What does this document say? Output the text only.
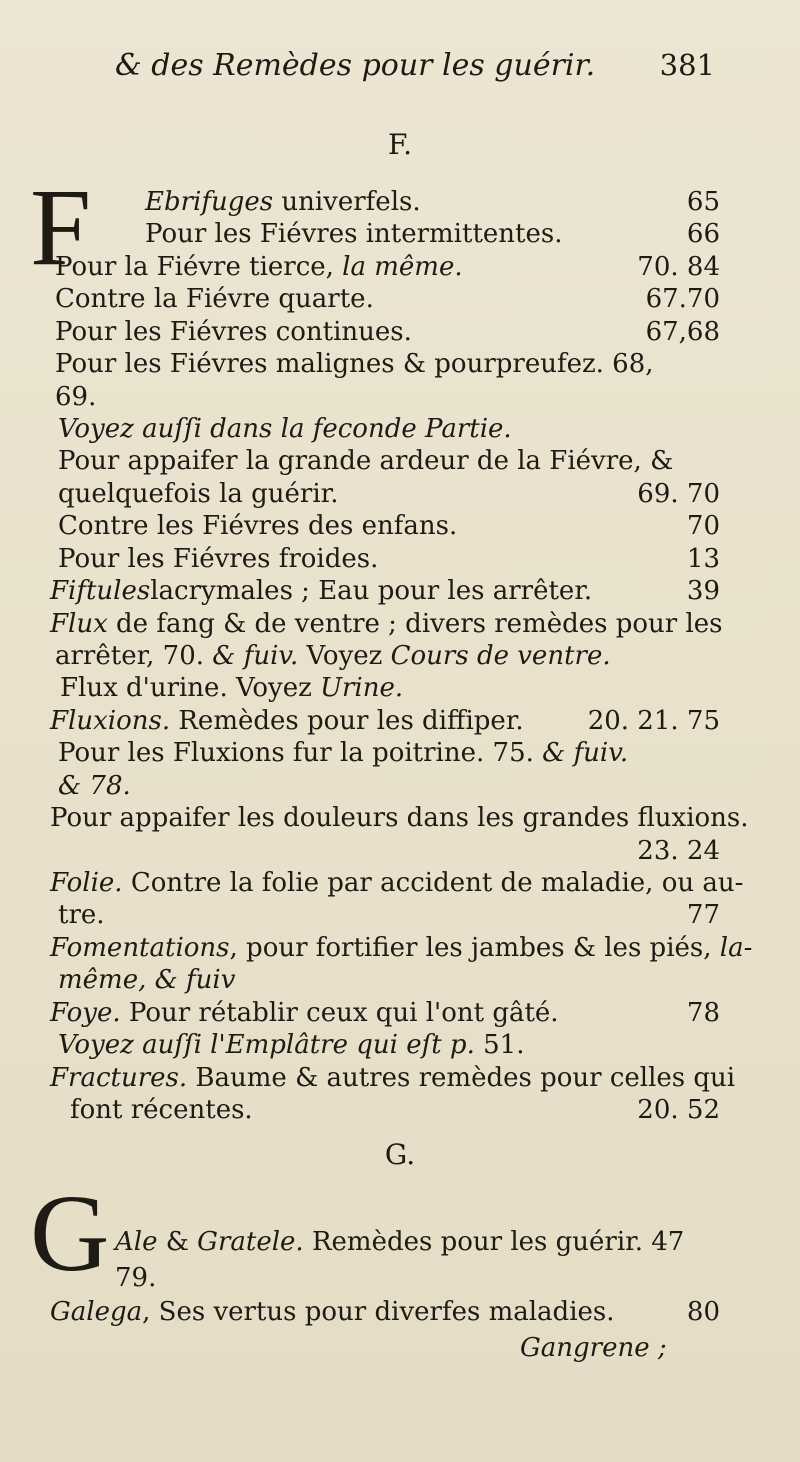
& des Remèdes pour les guérir. 381
F.
F Ebrifuges univerfels.	65
Pour les Fiévres intermittentes.	66
Pour la Fiévre tierce, la même.	70. 84
Contre la Fiévre quarte.	67.70
Pour les Fiévres continues.	67,68
Pour les Fiévres malignes & pourpreufez. 68,
69.
Voyez auſſi dans la feconde Partie.
Pour appaifer la grande ardeur de la Fiévre, &
quelquefois la guérir.	69. 70
Contre les Fiévres des enfans.	70
Pour les Fiévres froides.	13
Fiftuleslacrymales ; Eau pour les arrêter.	39
Flux de fang & de ventre ; divers remèdes pour les
arrêter, 70. & fuiv. Voyez Cours de ventre.
Flux d'urine. Voyez Urine.
Fluxions. Remèdes pour les diffiper. 20. 21. 75
Pour les Fluxions fur la poitrine. 75. & fuiv.
& 78.
Pour appaifer les douleurs dans les grandes fluxions.
23. 24
Folie. Contre la folie par accident de maladie, ou au-
tre.	77
Fomentations, pour fortifier les jambes & les piés, la-
même, & fuiv
Foye. Pour rétablir ceux qui l'ont gâté.	78
Voyez auſſi l'Emplâtre qui eſt p. 51.
Fractures. Baume & autres remèdes pour celles qui
font récentes.	20. 52
G.
G Ale & Gratele. Remèdes pour les guérir. 47
79.
Galega, Ses vertus pour diverfes maladies.	80
Gangrene ;
